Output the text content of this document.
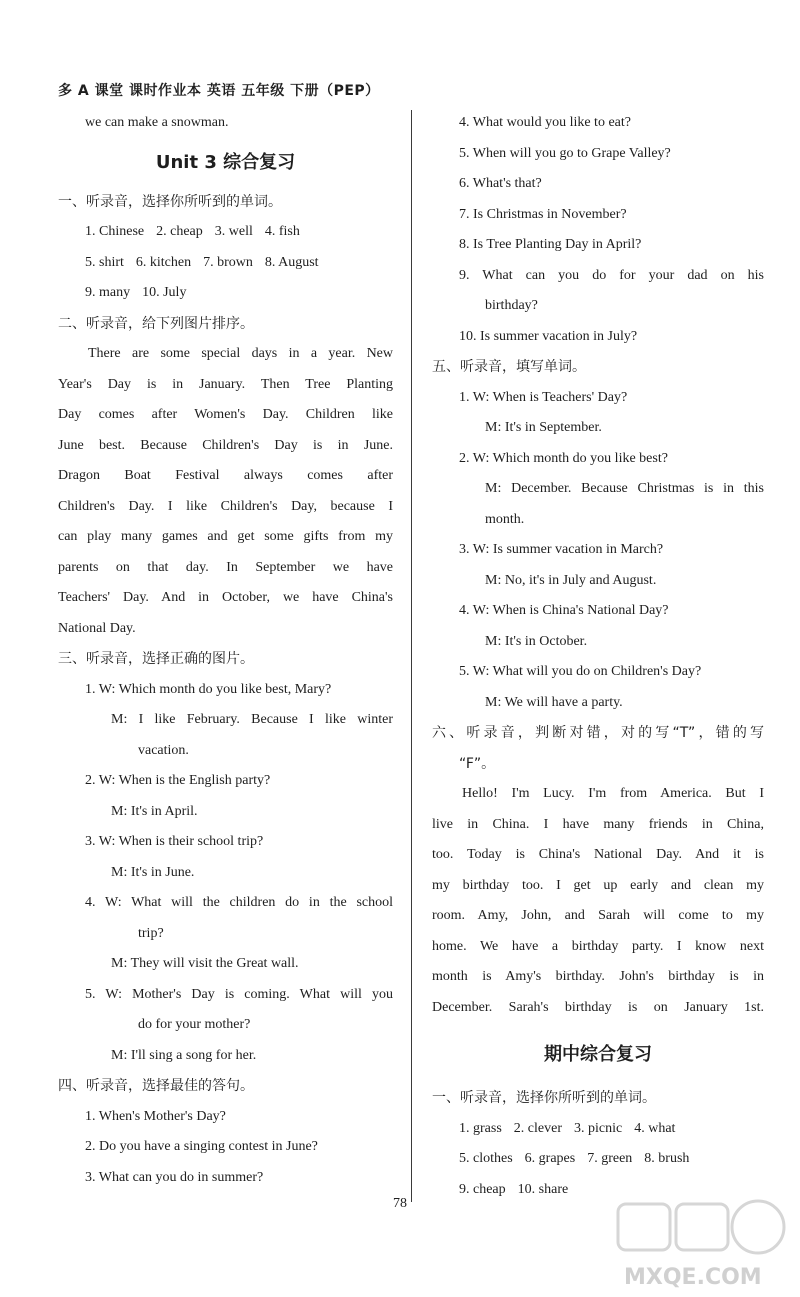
多 A 课堂 课时作业本 英语 五年级 下册（PEP）
we can make a snowman.
Unit 3 综合复习
一、听录音，选择你所听到的单词。
1. Chinese 2. cheap 3. well 4. fish
5. shirt 6. kitchen 7. brown 8. August
9. many 10. July
二、听录音，给下列图片排序。
There are some special days in a year. New
Year's Day is in January. Then Tree Planting
Day comes after Women's Day. Children like
June best. Because Children's Day is in June.
Dragon Boat Festival always comes after
Children's Day. I like Children's Day, because I
can play many games and get some gifts from my
parents on that day. In September we have
Teachers' Day. And in October, we have China's
National Day.
三、听录音，选择正确的图片。
1. W: Which month do you like best, Mary?
M: I like February. Because I like winter
vacation.
2. W: When is the English party?
M: It's in April.
3. W: When is their school trip?
M: It's in June.
4. W: What will the children do in the school
trip?
M: They will visit the Great wall.
5. W: Mother's Day is coming. What will you
do for your mother?
M: I'll sing a song for her.
四、听录音，选择最佳的答句。
1. When's Mother's Day?
2. Do you have a singing contest in June?
3. What can you do in summer?
4. What would you like to eat?
5. When will you go to Grape Valley?
6. What's that?
7. Is Christmas in November?
8. Is Tree Planting Day in April?
9. What can you do for your dad on his
birthday?
10. Is summer vacation in July?
五、听录音，填写单词。
1. W: When is Teachers' Day?
M: It's in September.
2. W: Which month do you like best?
M: December. Because Christmas is in this
month.
3. W: Is summer vacation in March?
M: No, it's in July and August.
4. W: When is China's National Day?
M: It's in October.
5. W: What will you do on Children's Day?
M: We will have a party.
六、听录音，判断对错，对的写“T”，错的写
“F”。
Hello! I'm Lucy. I'm from America. But I
live in China. I have many friends in China,
too. Today is China's National Day. And it is
my birthday too. I get up early and clean my
room. Amy, John, and Sarah will come to my
home. We have a birthday party. I know next
month is Amy's birthday. John's birthday is in
December. Sarah's birthday is on January 1st.
期中综合复习
一、听录音，选择你所听到的单词。
1. grass 2. clever 3. picnic 4. what
5. clothes 6. grapes 7. green 8. brush
9. cheap 10. share
78
MXQE.COM
